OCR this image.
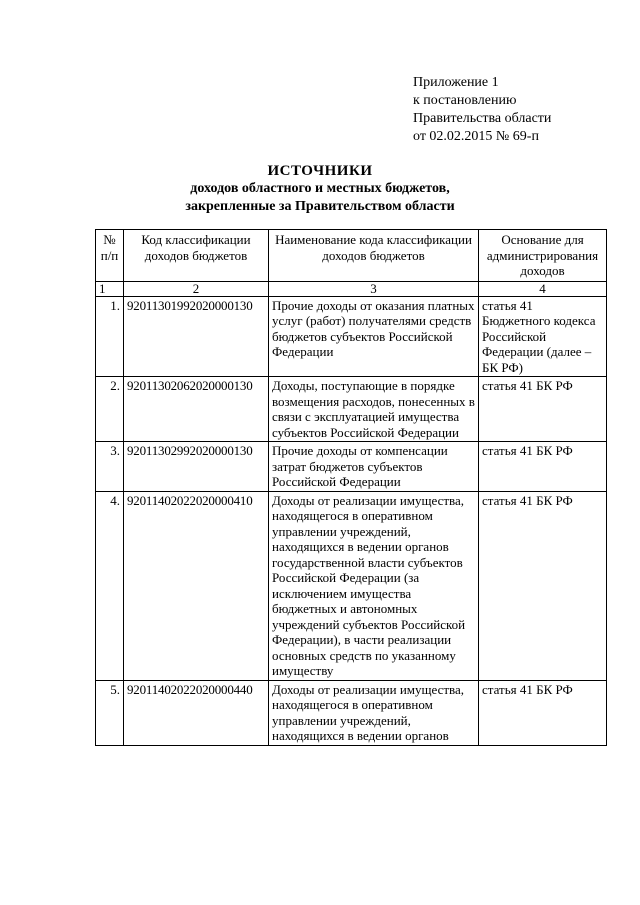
Приложение 1
к постановлению
Правительства области
от 02.02.2015 № 69-п
ИСТОЧНИКИ
доходов областного и местных бюджетов,
закрепленные за Правительством области
№ п/п	Код классификации доходов бюджетов	Наименование кода классификации доходов бюджетов	Основание для администрирования доходов
1	2	3	4
1.	92011301992020000130	Прочие доходы от оказания платных услуг (работ) получателями средств бюджетов субъектов Российской Федерации	статья 41 Бюджетного кодекса Российской Федерации (далее – БК РФ)
2.	92011302062020000130	Доходы, поступающие в порядке возмещения расходов, понесенных в связи с эксплуатацией имущества субъектов Российской Федерации	статья 41 БК РФ
3.	92011302992020000130	Прочие доходы от компенсации затрат бюджетов субъектов Российской Федерации	статья 41 БК РФ
4.	92011402022020000410	Доходы от реализации имущества, находящегося в оперативном управлении учреждений, находящихся в ведении органов государственной власти субъектов Российской Федерации (за исключением имущества бюджетных и автономных учреждений субъектов Российской Федерации), в части реализации основных средств по указанному имуществу	статья 41 БК РФ
5.	92011402022020000440	Доходы от реализации имущества, находящегося в оперативном управлении учреждений, находящихся в ведении органов	статья 41 БК РФ
